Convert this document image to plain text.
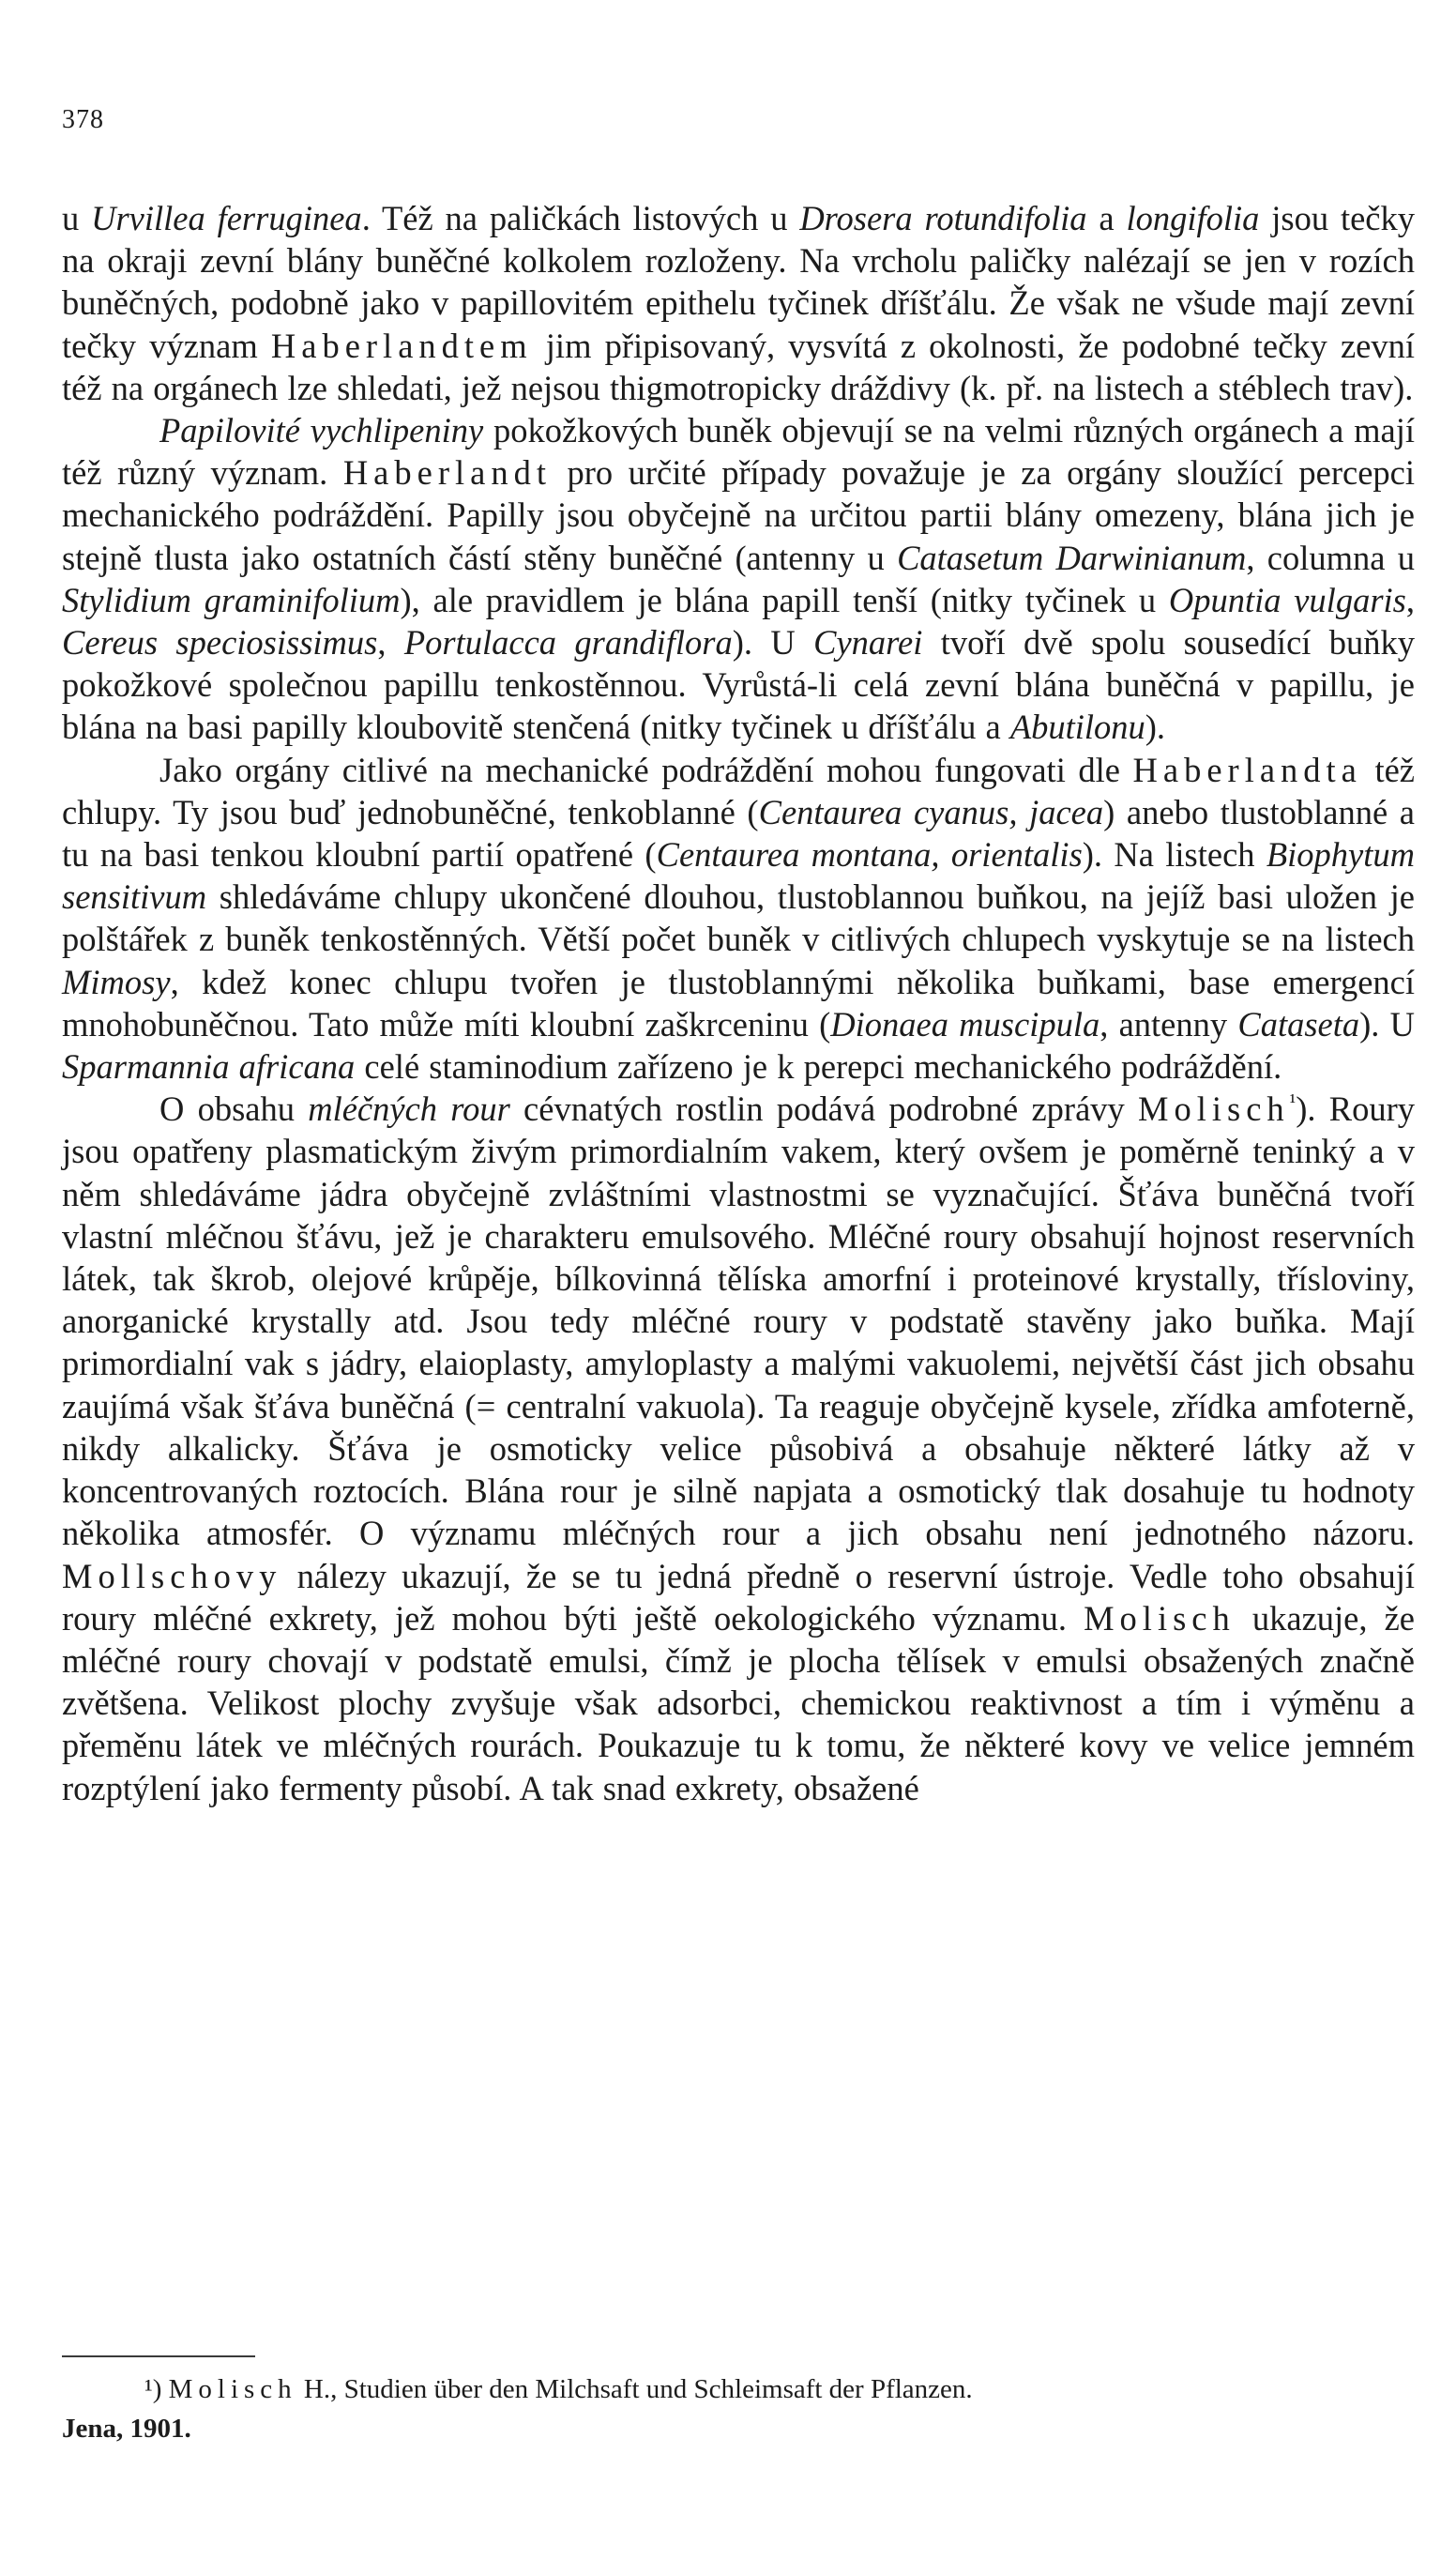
378

u Urvillea ferruginea. Též na paličkách listových u Drosera rotundifolia a longifolia jsou tečky na okraji zevní blány buněčné kolkolem rozloženy. Na vrcholu paličky nalézají se jen v rozích buněčných, podobně jako v papillovitém epithelu tyčinek dříšťálu. Že však ne všude mají zevní tečky význam Haberlandtem jim připisovaný, vysvítá z okolnosti, že podobné tečky zevní též na orgánech lze shledati, jež nejsou thigmotropicky dráždivy (k. př. na listech a stéblech trav).

Papilovité vychlipeniny pokožkových buněk objevují se na velmi různých orgánech a mají též různý význam. Haberlandt pro určité případy považuje je za orgány sloužící percepci mechanického podráždění. Papilly jsou obyčejně na určitou partii blány omezeny, blána jich je stejně tlusta jako ostatních částí stěny buněčné (antenny u Catasetum Darwinianum, columna u Stylidium graminifolium), ale pravidlem je blána papill tenší (nitky tyčinek u Opuntia vulgaris, Cereus speciosissimus, Portulacca grandiflora). U Cynarei tvoří dvě spolu sousedící buňky pokožkové společnou papillu tenkostěnnou. Vyrůstá-li celá zevní blána buněčná v papillu, je blána na basi papilly kloubovitě stenčená (nitky tyčinek u dříšťálu a Abutilonu).

Jako orgány citlivé na mechanické podráždění mohou fungovati dle Haberlandta též chlupy. Ty jsou buď jednobuněčné, tenkoblanné (Centaurea cyanus, jacea) anebo tlustoblanné a tu na basi tenkou kloubní partií opatřené (Centaurea montana, orientalis). Na listech Biophytum sensitivum shledáváme chlupy ukončené dlouhou, tlustoblannou buňkou, na jejíž basi uložen je polštářek z buněk tenkostěnných. Větší počet buněk v citlivých chlupech vyskytuje se na listech Mimosy, kdež konec chlupu tvořen je tlustoblannými několika buňkami, base emergencí mnohobuněčnou. Tato může míti kloubní zaškrceninu (Dionaea muscipula, antenny Cataseta). U Sparmannia africana celé staminodium zařízeno je k perepci mechanického podráždění.

O obsahu mléčných rour cévnatých rostlin podává podrobné zprávy Molisch$^{^1}$). Roury jsou opatřeny plasmatickým živým primordialním vakem, který ovšem je poměrně teninký a v něm shledáváme jádra obyčejně zvláštními vlastnostmi se vyznačující. Šťáva buněčná tvoří vlastní mléčnou šťávu, jež je charakteru emulsového. Mléčné roury obsahují hojnost reservních látek, tak škrob, olejové krůpěje, bílkovinná tělíska amorfní i proteinové krystally, třísloviny, anorganické krystally atd. Jsou tedy mléčné roury v podstatě stavěny jako buňka. Mají primordialní vak s jádry, elaioplasty, amyloplasty a malými vakuolemi, největší část jich obsahu zaujímá však šťáva buněčná (= centralní vakuola). Ta reaguje obyčejně kysele, zřídka amfoterně, nikdy alkalicky. Šťáva je osmoticky velice působivá a obsahuje některé látky až v koncentrovaných roztocích. Blána rour je silně napjata a osmotický tlak dosahuje tu hodnoty několika atmosfér. O významu mléčných rour a jich obsahu není jednotného názoru. Mollschovy nálezy ukazují, že se tu jedná předně o reservní ústroje. Vedle toho obsahují roury mléčné exkrety, jež mohou býti ještě oekologického významu. Molisch ukazuje, že mléčné roury chovají v podstatě emulsi, čímž je plocha tělísek v emulsi obsažených značně zvětšena. Velikost plochy zvyšuje však adsorbci, chemickou reaktivnost a tím i výměnu a přeměnu látek ve mléčných rourách. Poukazuje tu k tomu, že některé kovy ve velice jemném rozptýlení jako fermenty působí. A tak snad exkrety, obsažené

¹) Molisch H., Studien über den Milchsaft und Schleimsaft der Pflanzen.
Jena, 1901.
